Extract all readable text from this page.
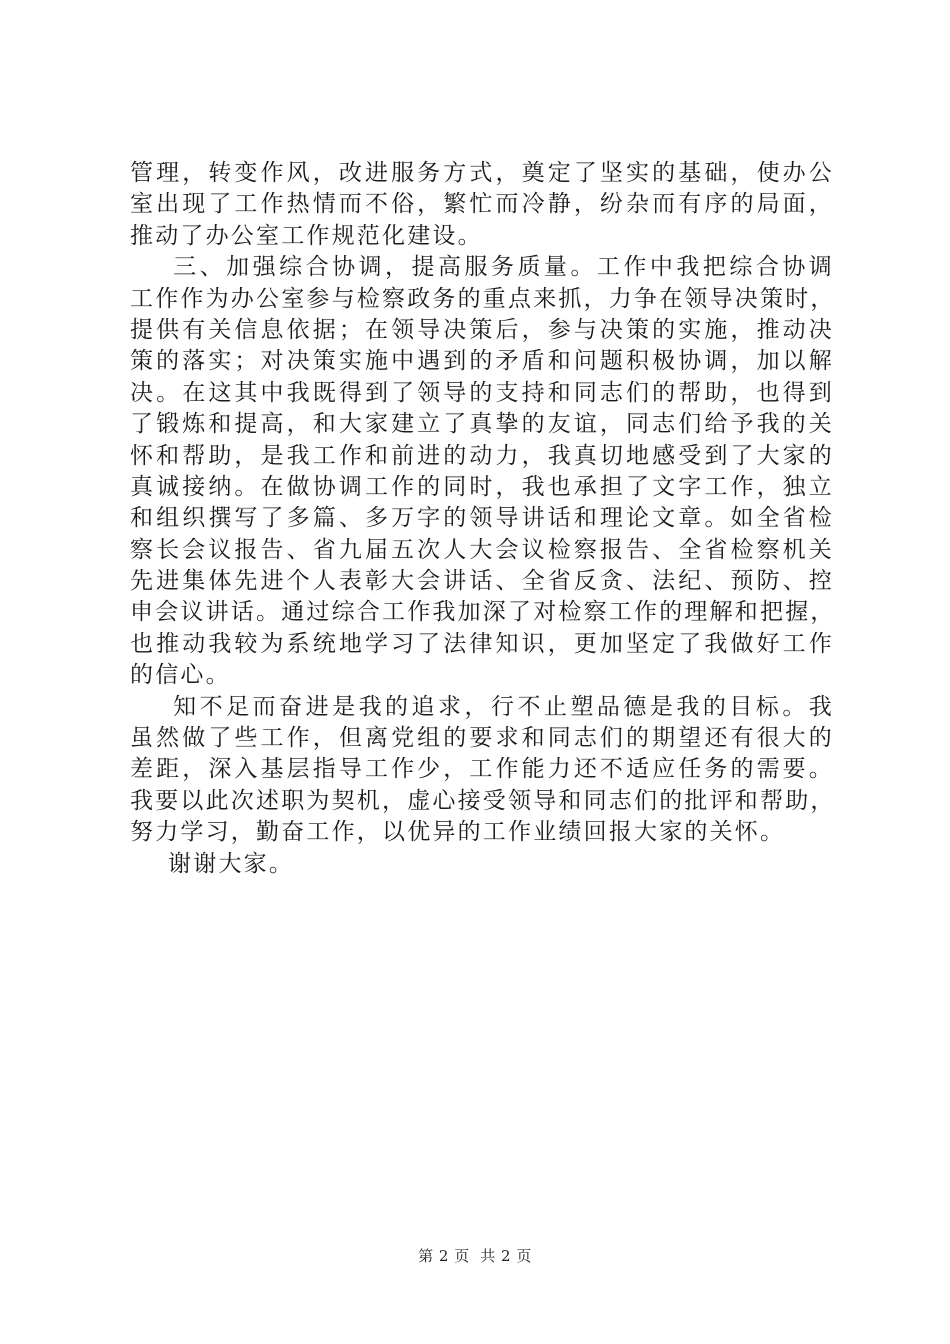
管理，转变作风，改进服务方式，奠定了坚实的基础，使办公
室出现了工作热情而不俗，繁忙而冷静，纷杂而有序的局面，
推动了办公室工作规范化建设。
三、加强综合协调，提高服务质量。工作中我把综合协调
工作作为办公室参与检察政务的重点来抓，力争在领导决策时，
提供有关信息依据；在领导决策后，参与决策的实施，推动决
策的落实；对决策实施中遇到的矛盾和问题积极协调，加以解
决。在这其中我既得到了领导的支持和同志们的帮助，也得到
了锻炼和提高，和大家建立了真挚的友谊，同志们给予我的关
怀和帮助，是我工作和前进的动力，我真切地感受到了大家的
真诚接纳。在做协调工作的同时，我也承担了文字工作，独立
和组织撰写了多篇、多万字的领导讲话和理论文章。如全省检
察长会议报告、省九届五次人大会议检察报告、全省检察机关
先进集体先进个人表彰大会讲话、全省反贪、法纪、预防、控
申会议讲话。通过综合工作我加深了对检察工作的理解和把握，
也推动我较为系统地学习了法律知识，更加坚定了我做好工作
的信心。
知不足而奋进是我的追求，行不止塑品德是我的目标。我
虽然做了些工作，但离党组的要求和同志们的期望还有很大的
差距，深入基层指导工作少，工作能力还不适应任务的需要。
我要以此次述职为契机，虚心接受领导和同志们的批评和帮助，
努力学习，勤奋工作，以优异的工作业绩回报大家的关怀。
谢谢大家。
第 2 页  共 2 页
